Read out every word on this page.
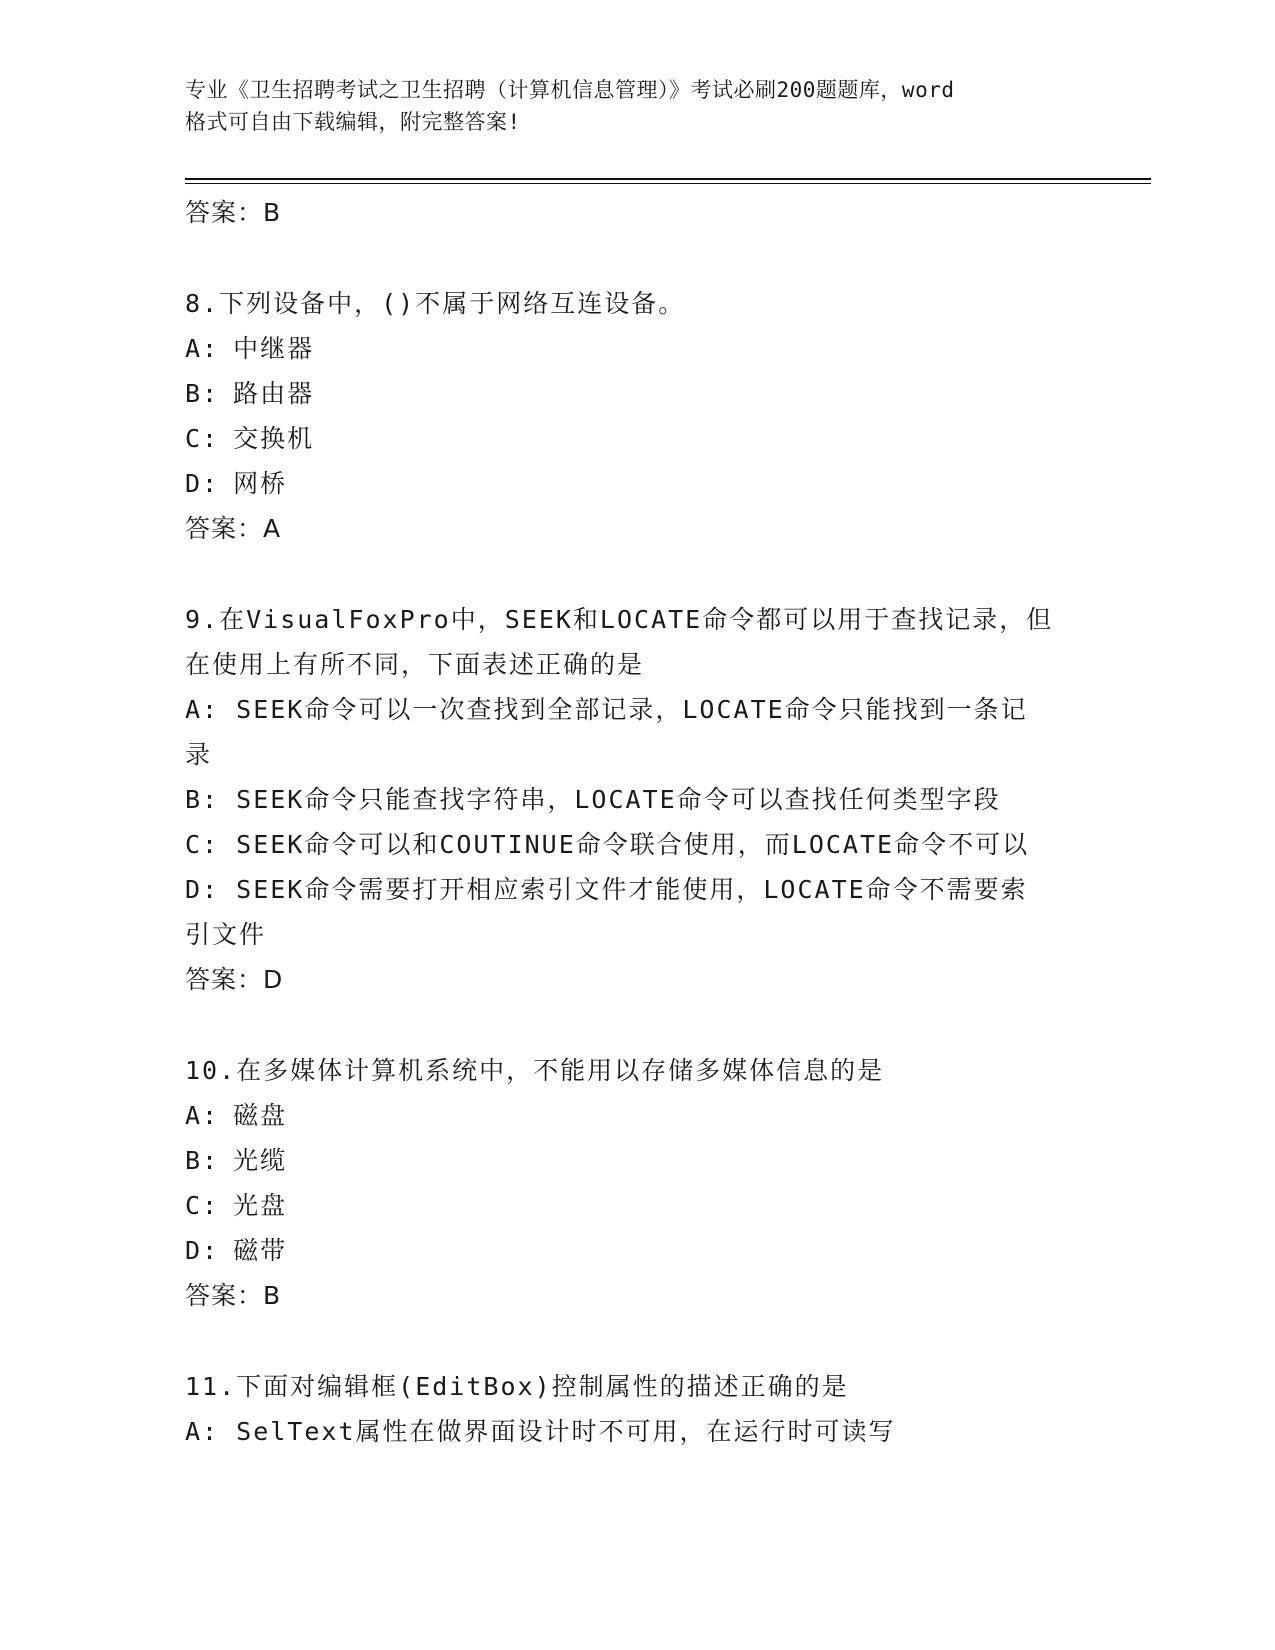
专业《卫生招聘考试之卫生招聘（计算机信息管理）》考试必刷200题题库，word
格式可自由下载编辑，附完整答案!
答案：B
8.下列设备中，()不属于网络互连设备。
A: 中继器
B: 路由器
C: 交换机
D: 网桥
答案：A
9.在VisualFoxPro中，SEEK和LOCATE命令都可以用于查找记录，但
在使用上有所不同，下面表述正确的是
A: SEEK命令可以一次查找到全部记录，LOCATE命令只能找到一条记
录
B: SEEK命令只能查找字符串，LOCATE命令可以查找任何类型字段
C: SEEK命令可以和COUTINUE命令联合使用，而LOCATE命令不可以
D: SEEK命令需要打开相应索引文件才能使用，LOCATE命令不需要索
引文件
答案：D
10.在多媒体计算机系统中，不能用以存储多媒体信息的是
A: 磁盘
B: 光缆
C: 光盘
D: 磁带
答案：B
11.下面对编辑框(EditBox)控制属性的描述正确的是
A: SelText属性在做界面设计时不可用，在运行时可读写
